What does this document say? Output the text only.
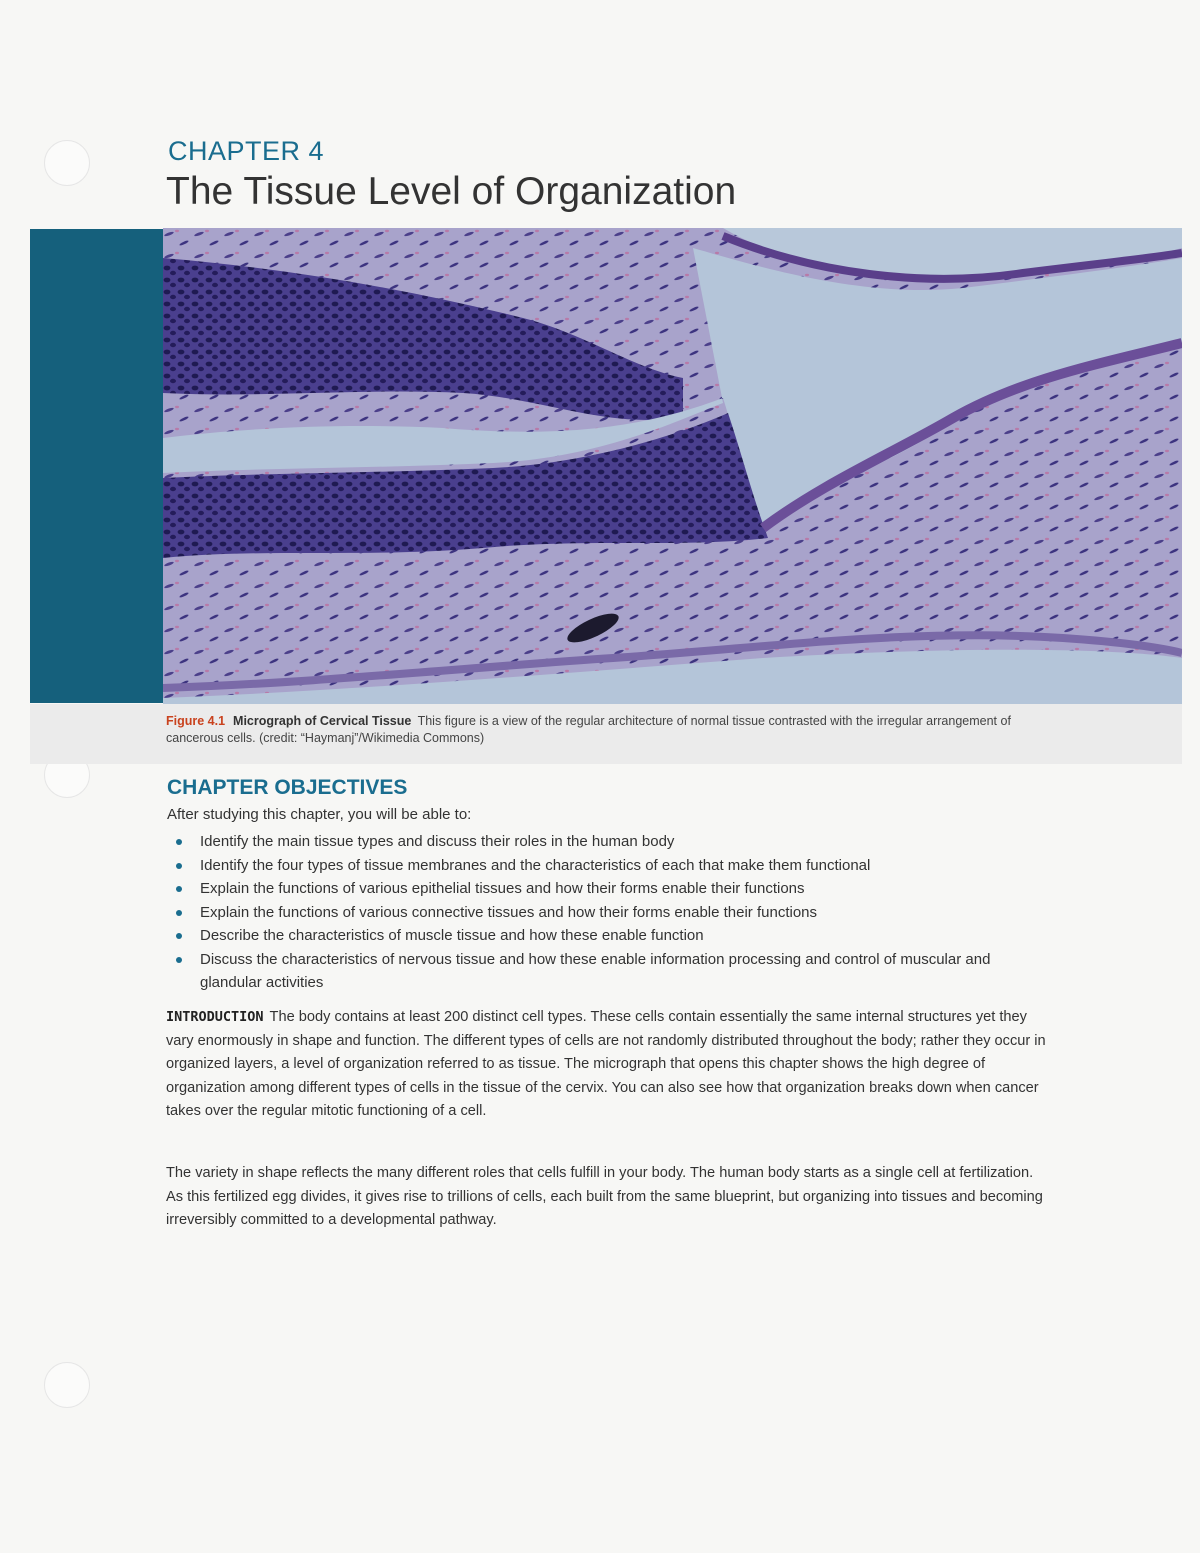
CHAPTER 4
The Tissue Level of Organization
Figure 4.1 Micrograph of Cervical Tissue This figure is a view of the regular architecture of normal tissue contrasted with the irregular arrangement of cancerous cells. (credit: “Haymanj”/Wikimedia Commons)
CHAPTER OBJECTIVES
After studying this chapter, you will be able to:
Identify the main tissue types and discuss their roles in the human body
Identify the four types of tissue membranes and the characteristics of each that make them functional
Explain the functions of various epithelial tissues and how their forms enable their functions
Explain the functions of various connective tissues and how their forms enable their functions
Describe the characteristics of muscle tissue and how these enable function
Discuss the characteristics of nervous tissue and how these enable information processing and control of muscular and glandular activities

INTRODUCTION The body contains at least 200 distinct cell types. These cells contain essentially the same internal structures yet they vary enormously in shape and function. The different types of cells are not randomly distributed throughout the body; rather they occur in organized layers, a level of organization referred to as tissue. The micrograph that opens this chapter shows the high degree of organization among different types of cells in the tissue of the cervix. You can also see how that organization breaks down when cancer takes over the regular mitotic functioning of a cell.

The variety in shape reflects the many different roles that cells fulfill in your body. The human body starts as a single cell at fertilization. As this fertilized egg divides, it gives rise to trillions of cells, each built from the same blueprint, but organizing into tissues and becoming irreversibly committed to a developmental pathway.
